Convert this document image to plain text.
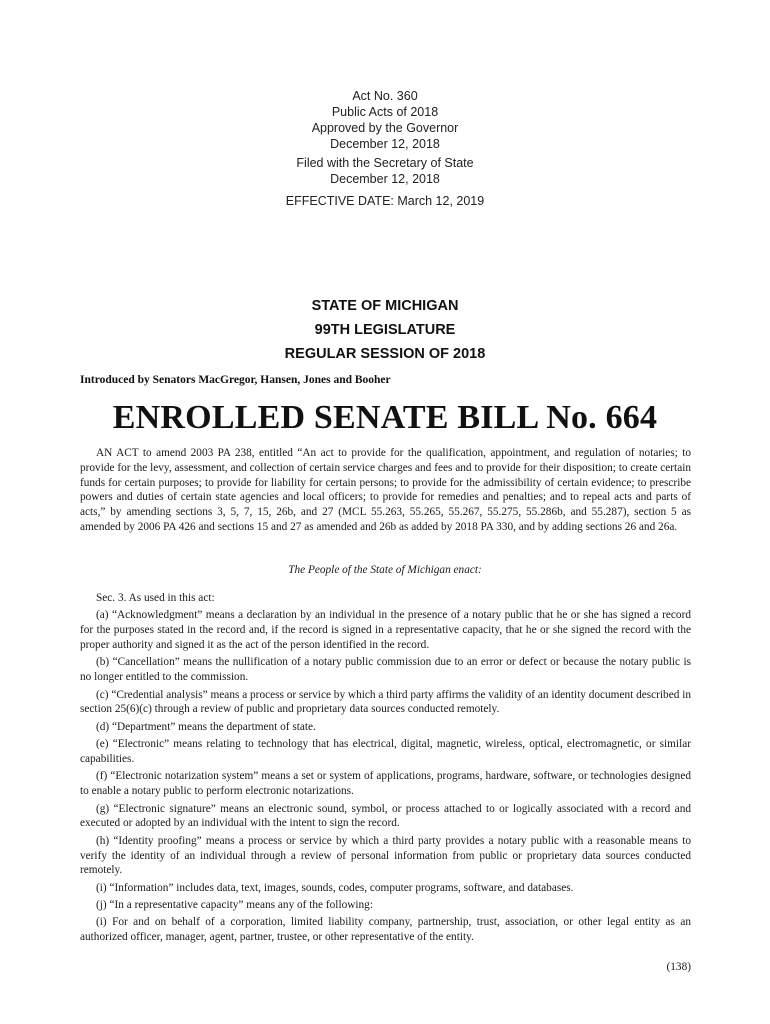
Act No. 360
Public Acts of 2018
Approved by the Governor
December 12, 2018
Filed with the Secretary of State
December 12, 2018
EFFECTIVE DATE: March 12, 2019
STATE OF MICHIGAN
99TH LEGISLATURE
REGULAR SESSION OF 2018
Introduced by Senators MacGregor, Hansen, Jones and Booher
ENROLLED SENATE BILL No. 664

AN ACT to amend 2003 PA 238, entitled “An act to provide for the qualification, appointment, and regulation of notaries; to provide for the levy, assessment, and collection of certain service charges and fees and to provide for their disposition; to create certain funds for certain purposes; to provide for liability for certain persons; to provide for the admissibility of certain evidence; to prescribe powers and duties of certain state agencies and local officers; to provide for remedies and penalties; and to repeal acts and parts of acts,” by amending sections 3, 5, 7, 15, 26b, and 27 (MCL 55.263, 55.265, 55.267, 55.275, 55.286b, and 55.287), section 5 as amended by 2006 PA 426 and sections 15 and 27 as amended and 26b as added by 2018 PA 330, and by adding sections 26 and 26a.

The People of the State of Michigan enact:

Sec. 3. As used in this act:

(a) “Acknowledgment” means a declaration by an individual in the presence of a notary public that he or she has signed a record for the purposes stated in the record and, if the record is signed in a representative capacity, that he or she signed the record with the proper authority and signed it as the act of the person identified in the record.

(b) “Cancellation” means the nullification of a notary public commission due to an error or defect or because the notary public is no longer entitled to the commission.

(c) “Credential analysis” means a process or service by which a third party affirms the validity of an identity document described in section 25(6)(c) through a review of public and proprietary data sources conducted remotely.

(d) “Department” means the department of state.

(e) “Electronic” means relating to technology that has electrical, digital, magnetic, wireless, optical, electromagnetic, or similar capabilities.

(f) “Electronic notarization system” means a set or system of applications, programs, hardware, software, or technologies designed to enable a notary public to perform electronic notarizations.

(g) “Electronic signature” means an electronic sound, symbol, or process attached to or logically associated with a record and executed or adopted by an individual with the intent to sign the record.

(h) “Identity proofing” means a process or service by which a third party provides a notary public with a reasonable means to verify the identity of an individual through a review of personal information from public or proprietary data sources conducted remotely.

(i) “Information” includes data, text, images, sounds, codes, computer programs, software, and databases.

(j) “In a representative capacity” means any of the following:

(i) For and on behalf of a corporation, limited liability company, partnership, trust, association, or other legal entity as an authorized officer, manager, agent, partner, trustee, or other representative of the entity.

(138)
